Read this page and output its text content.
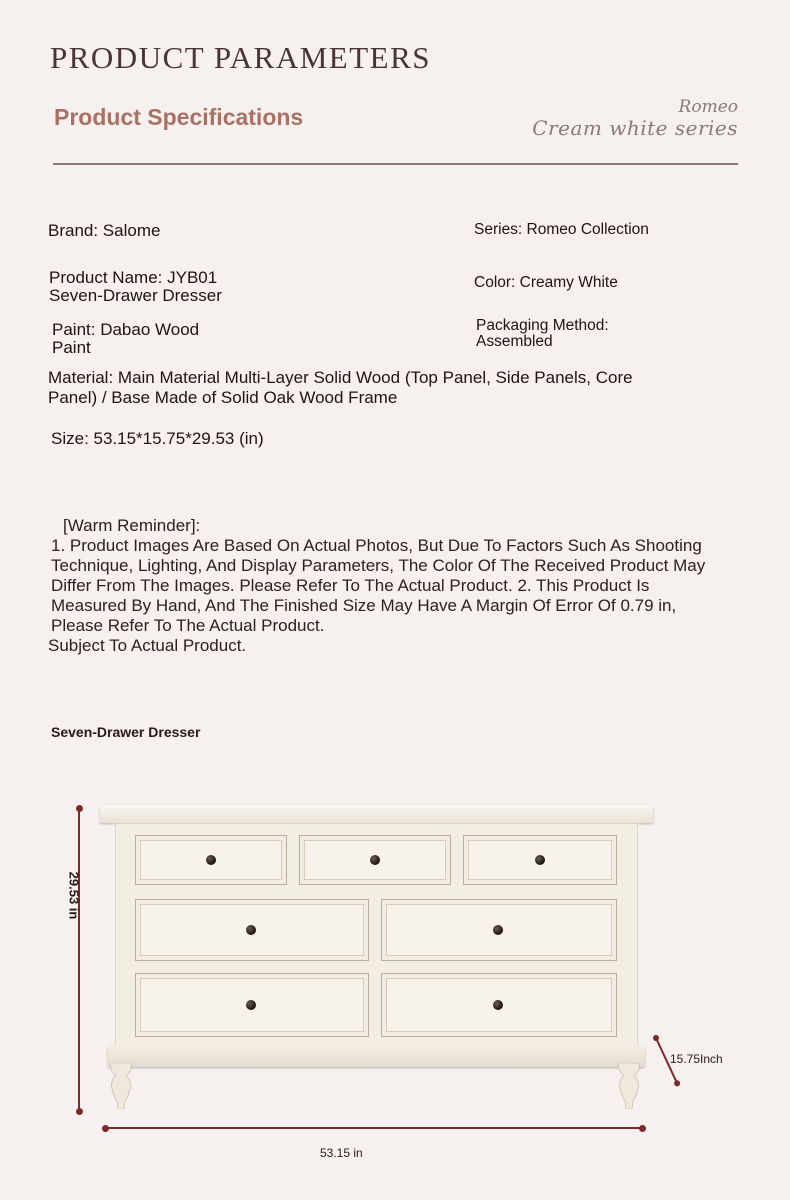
PRODUCT PARAMETERS
Product Specifications	Romeo
Cream white series
Brand: Salome	Series: Romeo Collection
Product Name: JYB01
Seven-Drawer Dresser
Color: Creamy White
Paint: Dabao Wood
Paint
Packaging Method:
Assembled
Material: Main Material Multi-Layer Solid Wood (Top Panel, Side Panels, Core
Panel) / Base Made of Solid Oak Wood Frame
Size: 53.15*15.75*29.53 (in)
[Warm Reminder]:
1. Product Images Are Based On Actual Photos, But Due To Factors Such As Shooting
Technique, Lighting, And Display Parameters, The Color Of The Received Product May
Differ From The Images. Please Refer To The Actual Product. 2. This Product Is
Measured By Hand, And The Finished Size May Have A Margin Of Error Of 0.79 in,
Please Refer To The Actual Product.
Subject To Actual Product.
Seven-Drawer Dresser
29.53 in
53.15 in
15.75Inch
